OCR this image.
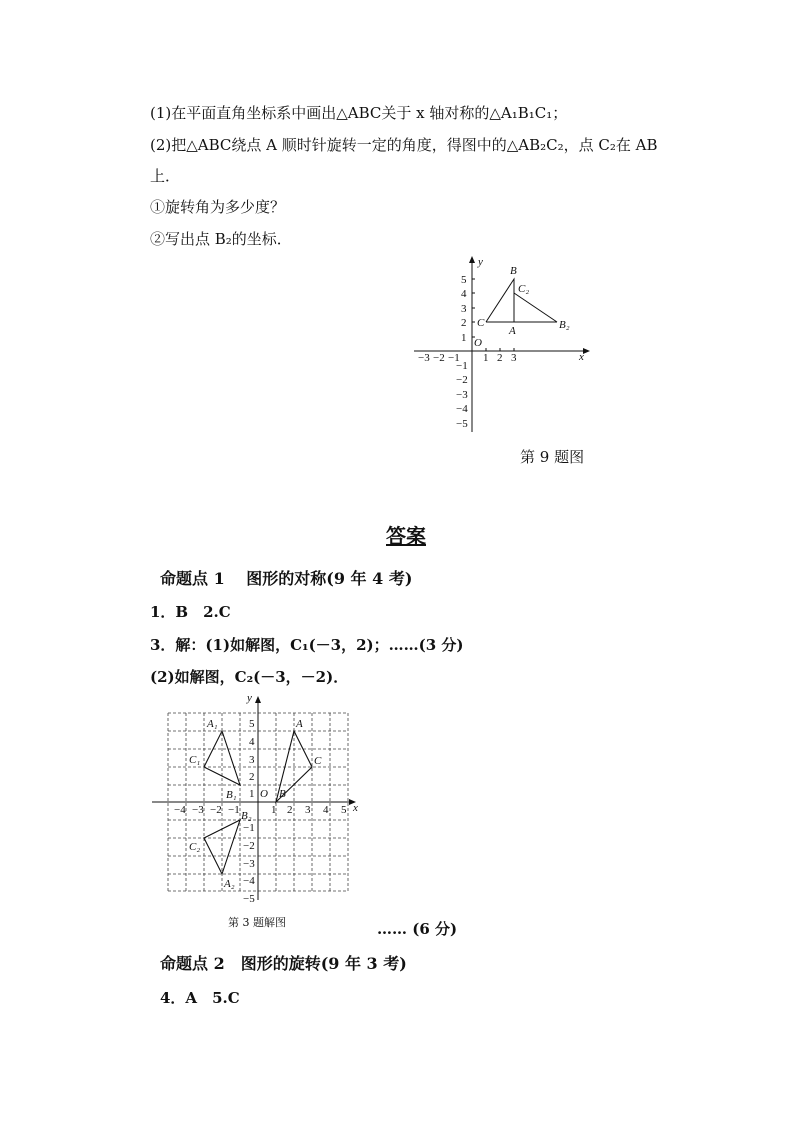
(1)在平面直角坐标系中画出△ABC关于 x 轴对称的△A₁B₁C₁；
(2)把△ABC绕点 A 顺时针旋转一定的角度，得图中的△AB₂C₂，点 C₂在 AB
上．
①旋转角为多少度？
②写出点 B₂的坐标．
x
y
O
−3 −2 −1 1 2 3
5
4
3
2
1
−1
−2
−3
−4
−5
B
C₂
C
A	B₂
第 9 题图
答案
命题点 1　 图形的对称(9 年 4 考)
1．B　2.C
3．解：(1)如解图，C₁(－3，2)；……(3 分)
(2)如解图，C₂(－3，－2)．
x
y
O
−4 −3 −2 −1	1 2 3 4 5
5
4
3
2
1
−1
−2
−3
−4
−5
A
B
C
A₁
B₁
C₁
A₂
B₂
C₂
第 3 题解图	…… (6 分)
命题点 2　图形的旋转(9 年 3 考)
4．A　5.C
